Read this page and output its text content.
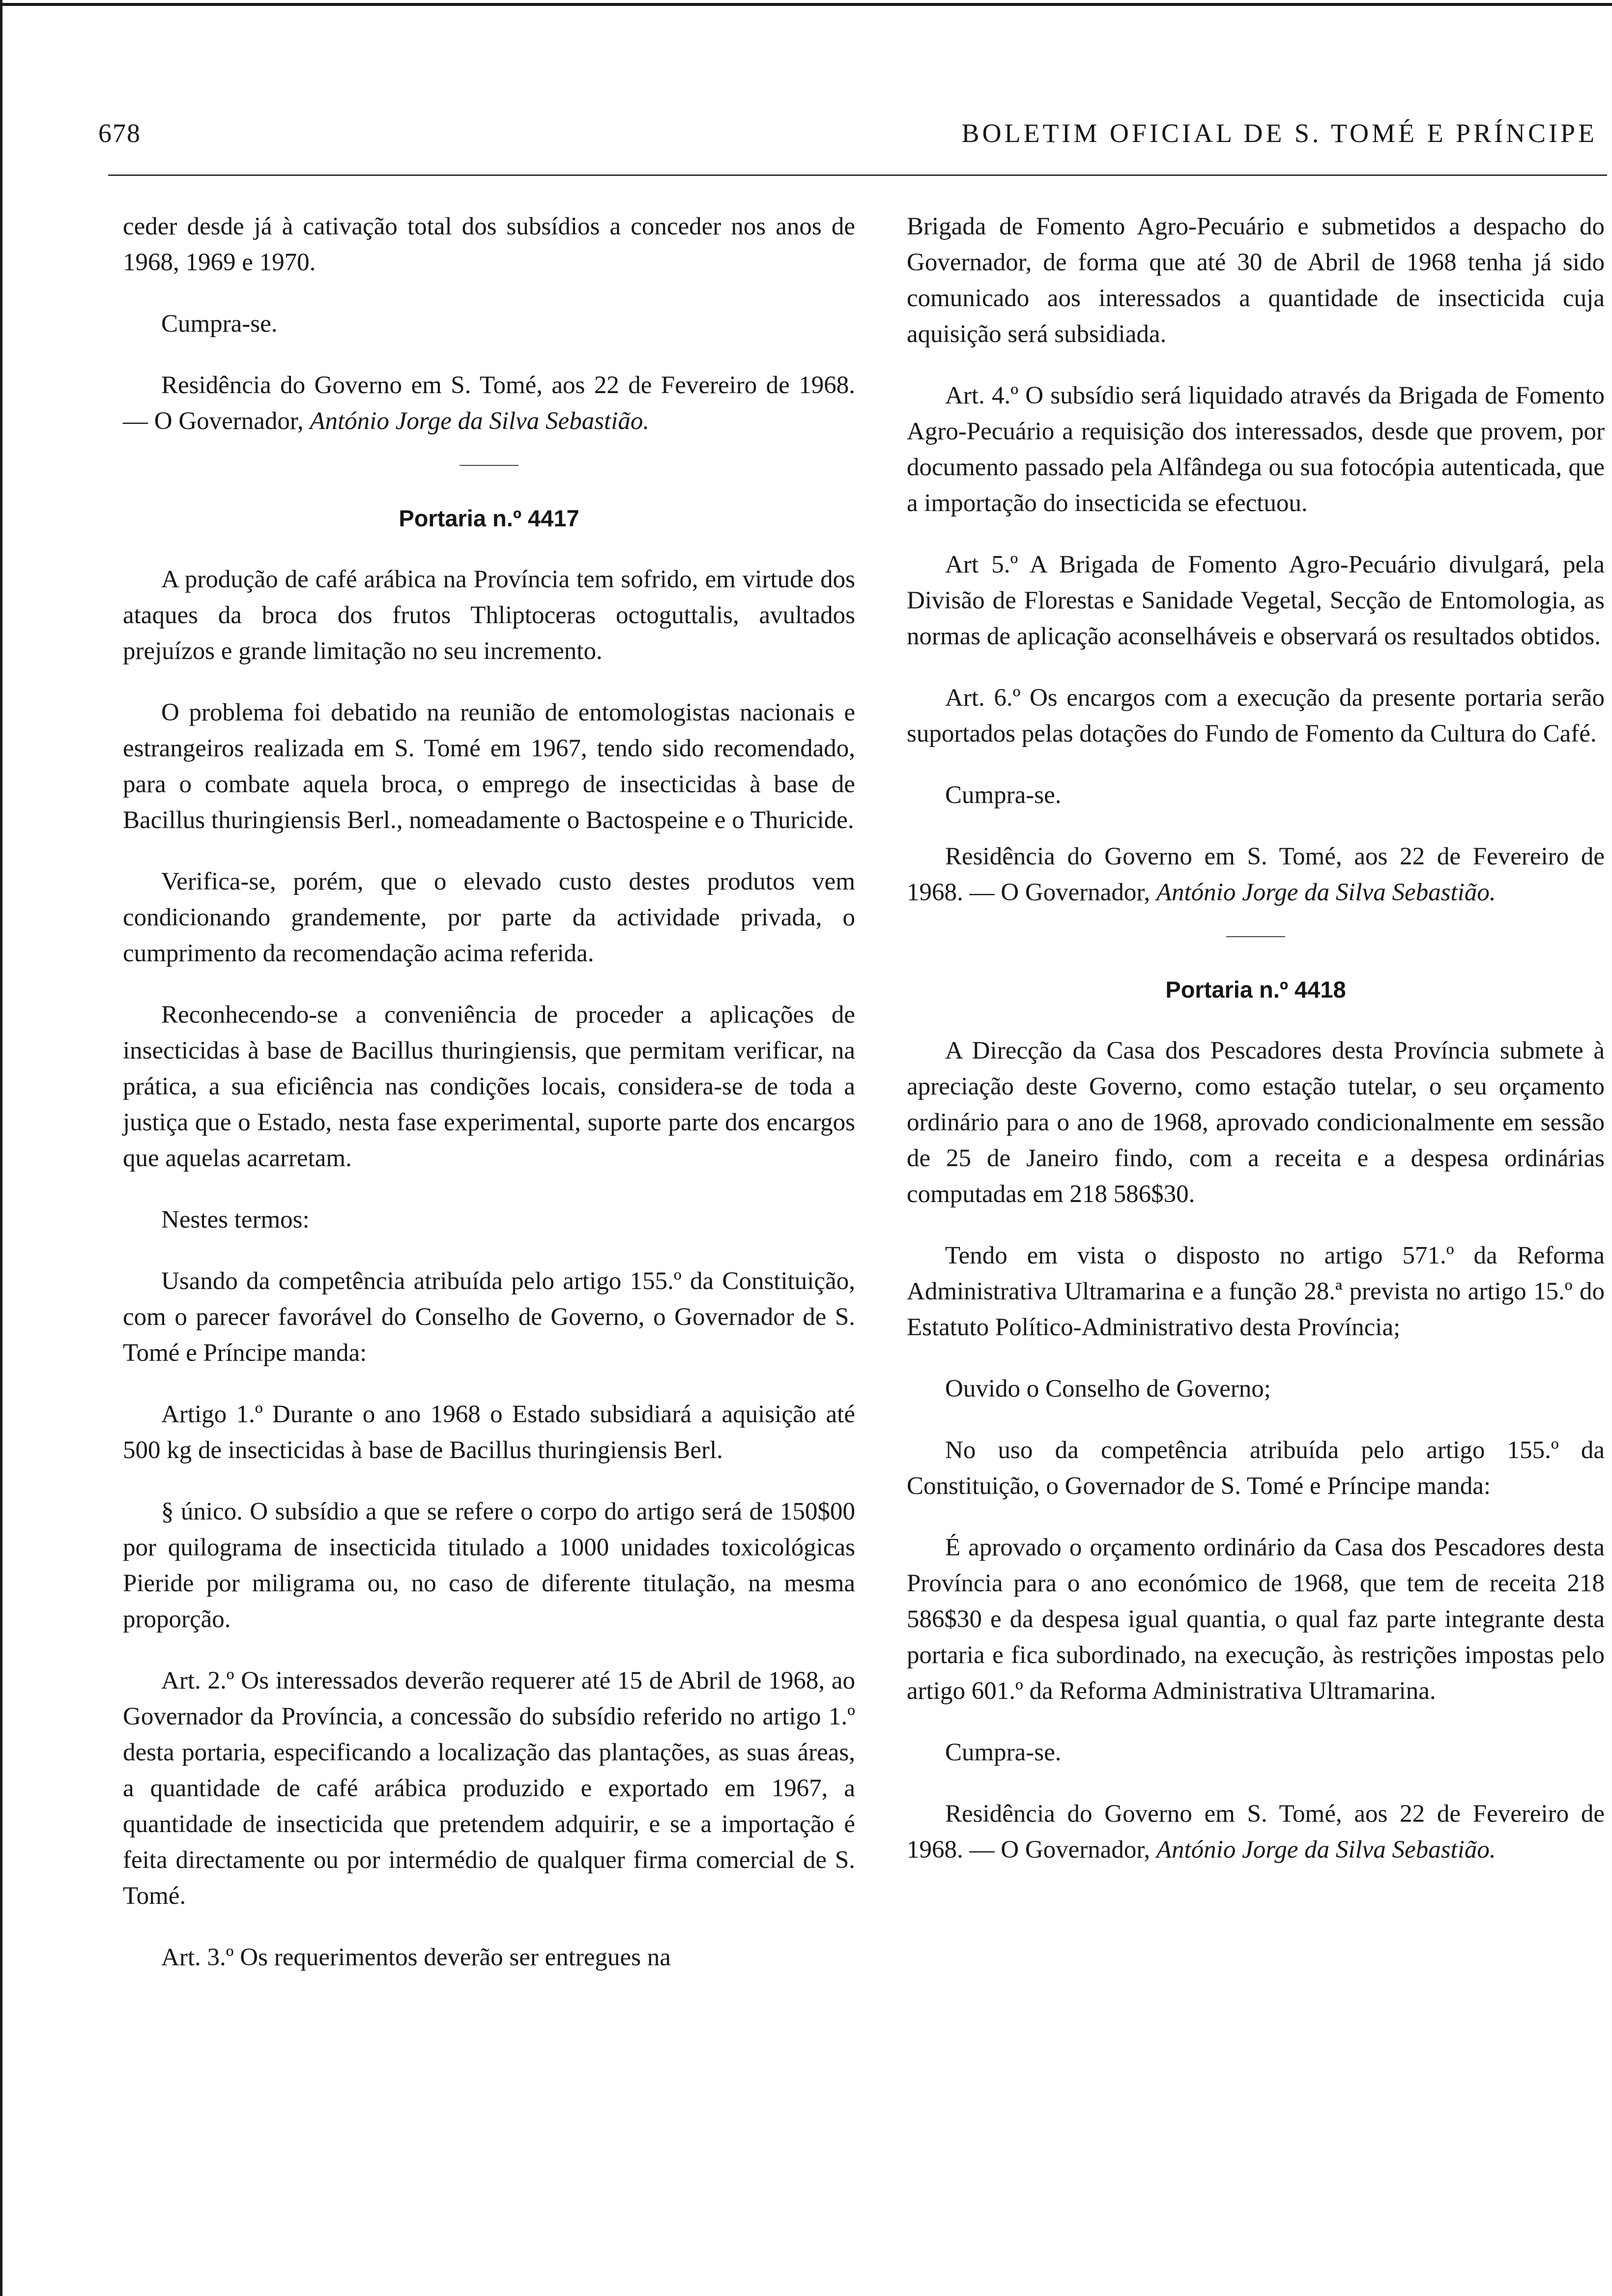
678	BOLETIM OFICIAL DE S. TOMÉ E PRÍNCIPE

ceder desde já à cativação total dos subsídios a conceder nos anos de 1968, 1969 e 1970.

Cumpra-se.

Residência do Governo em S. Tomé, aos 22 de Fevereiro de 1968. — O Governador, António Jorge da Silva Sebastião.

Portaria n.º 4417

A produção de café arábica na Província tem sofrido, em virtude dos ataques da broca dos frutos Thliptoceras octoguttalis, avultados prejuízos e grande limitação no seu incremento.

O problema foi debatido na reunião de entomologistas nacionais e estrangeiros realizada em S. Tomé em 1967, tendo sido recomendado, para o combate aquela broca, o emprego de insecticidas à base de Bacillus thuringiensis Berl., nomeadamente o Bactospeine e o Thuricide.

Verifica-se, porém, que o elevado custo destes produtos vem condicionando grandemente, por parte da actividade privada, o cumprimento da recomendação acima referida.

Reconhecendo-se a conveniência de proceder a aplicações de insecticidas à base de Bacillus thuringiensis, que permitam verificar, na prática, a sua eficiência nas condições locais, considera-se de toda a justiça que o Estado, nesta fase experimental, suporte parte dos encargos que aquelas acarretam.

Nestes termos:

Usando da competência atribuída pelo artigo 155.º da Constituição, com o parecer favorável do Conselho de Governo, o Governador de S. Tomé e Príncipe manda:

Artigo 1.º Durante o ano 1968 o Estado subsidiará a aquisição até 500 kg de insecticidas à base de Bacillus thuringiensis Berl.

§ único. O subsídio a que se refere o corpo do artigo será de 150$00 por quilograma de insecticida titulado a 1000 unidades toxicológicas Pieride por miligrama ou, no caso de diferente titulação, na mesma proporção.

Art. 2.º Os interessados deverão requerer até 15 de Abril de 1968, ao Governador da Província, a concessão do subsídio referido no artigo 1.º desta portaria, especificando a localização das plantações, as suas áreas, a quantidade de café arábica produzido e exportado em 1967, a quantidade de insecticida que pretendem adquirir, e se a importação é feita directamente ou por intermédio de qualquer firma comercial de S. Tomé.

Art. 3.º Os requerimentos deverão ser entregues na

Brigada de Fomento Agro-Pecuário e submetidos a despacho do Governador, de forma que até 30 de Abril de 1968 tenha já sido comunicado aos interessados a quantidade de insecticida cuja aquisição será subsidiada.

Art. 4.º O subsídio será liquidado através da Brigada de Fomento Agro-Pecuário a requisição dos interessados, desde que provem, por documento passado pela Alfândega ou sua fotocópia autenticada, que a importação do insecticida se efectuou.

Art 5.º A Brigada de Fomento Agro-Pecuário divulgará, pela Divisão de Florestas e Sanidade Vegetal, Secção de Entomologia, as normas de aplicação aconselháveis e observará os resultados obtidos.

Art. 6.º Os encargos com a execução da presente portaria serão suportados pelas dotações do Fundo de Fomento da Cultura do Café.

Cumpra-se.

Residência do Governo em S. Tomé, aos 22 de Fevereiro de 1968. — O Governador, António Jorge da Silva Sebastião.

Portaria n.º 4418

A Direcção da Casa dos Pescadores desta Província submete à apreciação deste Governo, como estação tutelar, o seu orçamento ordinário para o ano de 1968, aprovado condicionalmente em sessão de 25 de Janeiro findo, com a receita e a despesa ordinárias computadas em 218 586$30.

Tendo em vista o disposto no artigo 571.º da Reforma Administrativa Ultramarina e a função 28.ª prevista no artigo 15.º do Estatuto Político-Administrativo desta Província;

Ouvido o Conselho de Governo;

No uso da competência atribuída pelo artigo 155.º da Constituição, o Governador de S. Tomé e Príncipe manda:

É aprovado o orçamento ordinário da Casa dos Pescadores desta Província para o ano económico de 1968, que tem de receita 218 586$30 e da despesa igual quantia, o qual faz parte integrante desta portaria e fica subordinado, na execução, às restrições impostas pelo artigo 601.º da Reforma Administrativa Ultramarina.

Cumpra-se.

Residência do Governo em S. Tomé, aos 22 de Fevereiro de 1968. — O Governador, António Jorge da Silva Sebastião.
